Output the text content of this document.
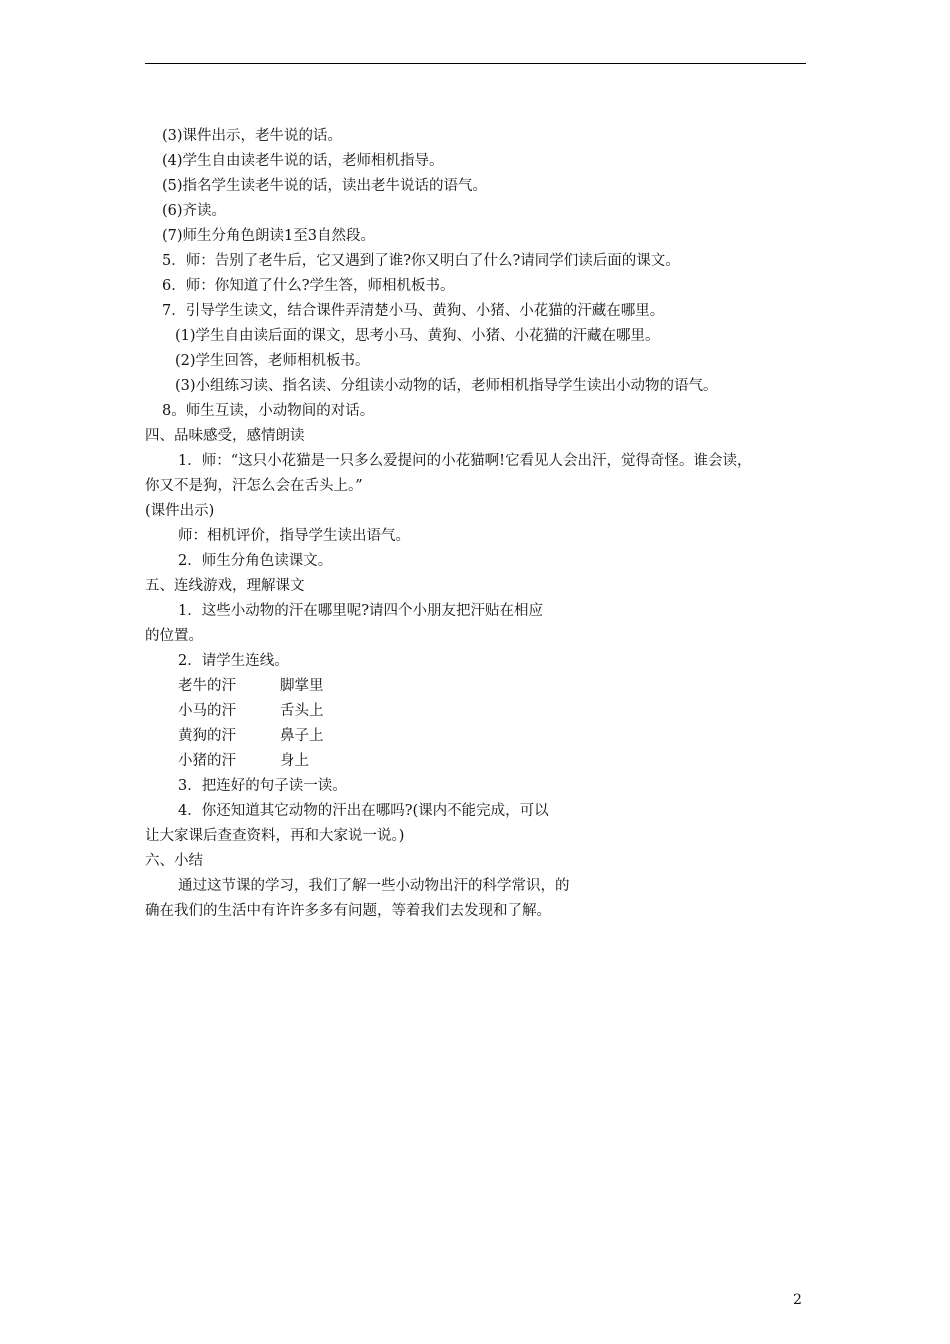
(3)课件出示，老牛说的话。
(4)学生自由读老牛说的话，老师相机指导。
(5)指名学生读老牛说的话，读出老牛说话的语气。
(6)齐读。
(7)师生分角色朗读1至3自然段。
5．师：告别了老牛后，它又遇到了谁?你又明白了什么?请同学们读后面的课文。
6．师：你知道了什么?学生答，师相机板书。
7．引导学生读文，结合课件弄清楚小马、黄狗、小猪、小花猫的汗藏在哪里。
(1)学生自由读后面的课文，思考小马、黄狗、小猪、小花猫的汗藏在哪里。
(2)学生回答，老师相机板书。
(3)小组练习读、指名读、分组读小动物的话，老师相机指导学生读出小动物的语气。
8。师生互读，小动物间的对话。
四、品味感受，感情朗读
1．师：“这只小花猫是一只多么爱提问的小花猫啊!它看见人会出汗，觉得奇怪。谁会读，
你又不是狗，汗怎么会在舌头上。”
(课件出示)
师：相机评价，指导学生读出语气。
2．师生分角色读课文。
五、连线游戏，理解课文
1．这些小动物的汗在哪里呢?请四个小朋友把汗贴在相应
的位置。
2．请学生连线。
老牛的汗	脚掌里
小马的汗	舌头上
黄狗的汗	鼻子上
小猪的汗	身上
3．把连好的句子读一读。
4．你还知道其它动物的汗出在哪吗?(课内不能完成，可以
让大家课后查查资料，再和大家说一说。)
六、小结
通过这节课的学习，我们了解一些小动物出汗的科学常识，的
确在我们的生活中有许许多多有问题，等着我们去发现和了解。
2
